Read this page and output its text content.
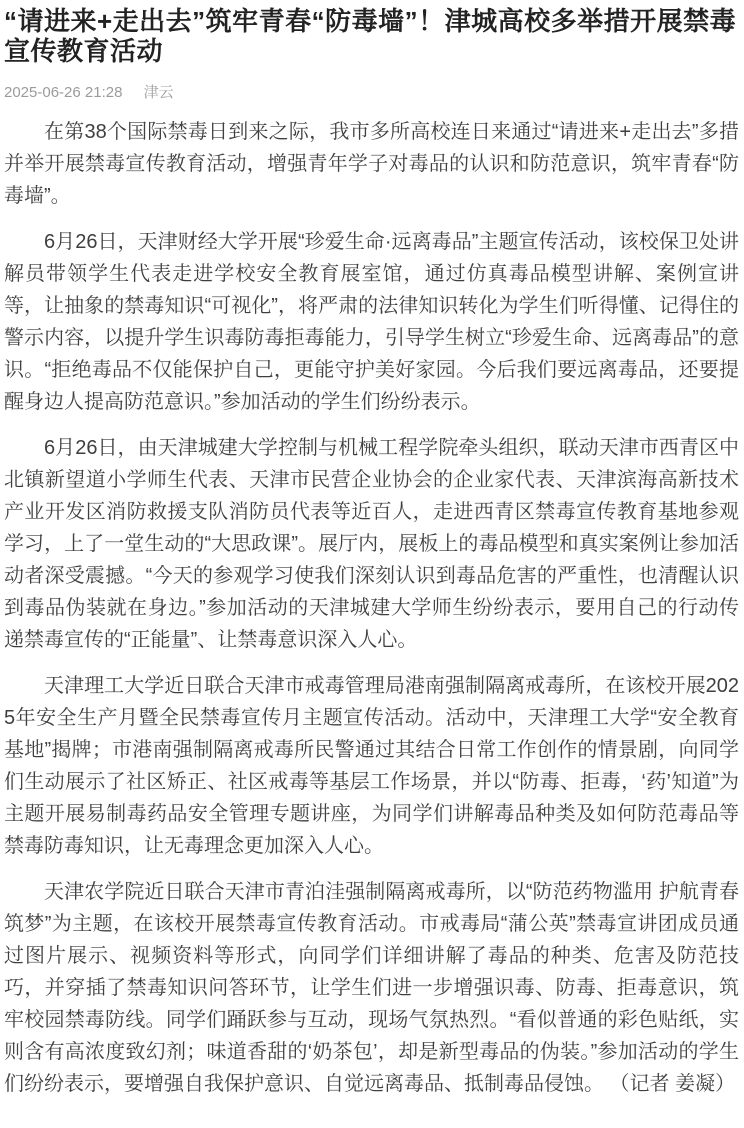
“请进来+走出去”筑牢青春“防毒墙”！津城高校多举措开展禁毒宣传教育活动
2025-06-26 21:28 津云

在第38个国际禁毒日到来之际，我市多所高校连日来通过“请进来+走出去”多措并举开展禁毒宣传教育活动，增强青年学子对毒品的认识和防范意识，筑牢青春“防毒墙”。

6月26日，天津财经大学开展“珍爱生命·远离毒品”主题宣传活动，该校保卫处讲解员带领学生代表走进学校安全教育展室馆，通过仿真毒品模型讲解、案例宣讲等，让抽象的禁毒知识“可视化”，将严肃的法律知识转化为学生们听得懂、记得住的警示内容，以提升学生识毒防毒拒毒能力，引导学生树立“珍爱生命、远离毒品”的意识。“拒绝毒品不仅能保护自己，更能守护美好家园。今后我们要远离毒品，还要提醒身边人提高防范意识。”参加活动的学生们纷纷表示。

6月26日，由天津城建大学控制与机械工程学院牵头组织，联动天津市西青区中北镇新望道小学师生代表、天津市民营企业协会的企业家代表、天津滨海高新技术产业开发区消防救援支队消防员代表等近百人，走进西青区禁毒宣传教育基地参观学习，上了一堂生动的“大思政课”。展厅内，展板上的毒品模型和真实案例让参加活动者深受震撼。“今天的参观学习使我们深刻认识到毒品危害的严重性，也清醒认识到毒品伪装就在身边。”参加活动的天津城建大学师生纷纷表示，要用自己的行动传递禁毒宣传的“正能量”、让禁毒意识深入人心。

天津理工大学近日联合天津市戒毒管理局港南强制隔离戒毒所，在该校开展2025年安全生产月暨全民禁毒宣传月主题宣传活动。活动中，天津理工大学“安全教育基地”揭牌；市港南强制隔离戒毒所民警通过其结合日常工作创作的情景剧，向同学们生动展示了社区矫正、社区戒毒等基层工作场景，并以“防毒、拒毒，‘药’知道”为主题开展易制毒药品安全管理专题讲座，为同学们讲解毒品种类及如何防范毒品等禁毒防毒知识，让无毒理念更加深入人心。

天津农学院近日联合天津市青泊洼强制隔离戒毒所，以“防范药物滥用 护航青春筑梦”为主题，在该校开展禁毒宣传教育活动。市戒毒局“蒲公英”禁毒宣讲团成员通过图片展示、视频资料等形式，向同学们详细讲解了毒品的种类、危害及防范技巧，并穿插了禁毒知识问答环节，让学生们进一步增强识毒、防毒、拒毒意识，筑牢校园禁毒防线。同学们踊跃参与互动，现场气氛热烈。“看似普通的彩色贴纸，实则含有高浓度致幻剂；味道香甜的‘奶茶包’，却是新型毒品的伪装。”参加活动的学生们纷纷表示，要增强自我保护意识、自觉远离毒品、抵制毒品侵蚀。 （记者 姜凝）
